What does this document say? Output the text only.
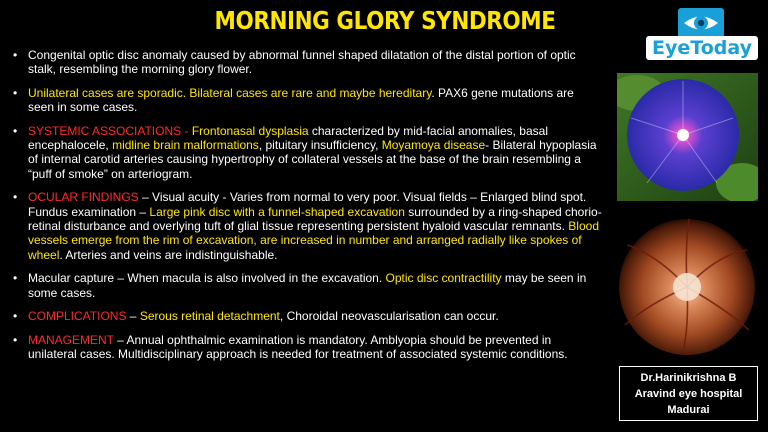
MORNING GLORY SYNDROME
EyeToday
• Congenital optic disc anomaly caused by abnormal funnel shaped dilatation of the distal portion of optic stalk, resembling the morning glory flower.
• Unilateral cases are sporadic. Bilateral cases are rare and maybe hereditary. PAX6 gene mutations are seen in some cases.
• SYSTEMIC ASSOCIATIONS - Frontonasal dysplasia characterized by mid-facial anomalies, basal encephalocele, midline brain malformations, pituitary insufficiency, Moyamoya disease- Bilateral hypoplasia of internal carotid arteries causing hypertrophy of collateral vessels at the base of the brain resembling a “puff of smoke” on arteriogram.
• OCULAR FINDINGS – Visual acuity - Varies from normal to very poor. Visual fields – Enlarged blind spot. Fundus examination – Large pink disc with a funnel-shaped excavation surrounded by a ring-shaped chorio-retinal disturbance and overlying tuft of glial tissue representing persistent hyaloid vascular remnants. Blood vessels emerge from the rim of excavation, are increased in number and arranged radially like spokes of wheel. Arteries and veins are indistinguishable.
• Macular capture – When macula is also involved in the excavation. Optic disc contractility may be seen in some cases.
• COMPLICATIONS – Serous retinal detachment, Choroidal neovascularisation can occur.
• MANAGEMENT – Annual ophthalmic examination is mandatory. Amblyopia should be prevented in unilateral cases. Multidisciplinary approach is needed for treatment of associated systemic conditions.
Dr.Harinikrishna B
Aravind eye hospital
Madurai
